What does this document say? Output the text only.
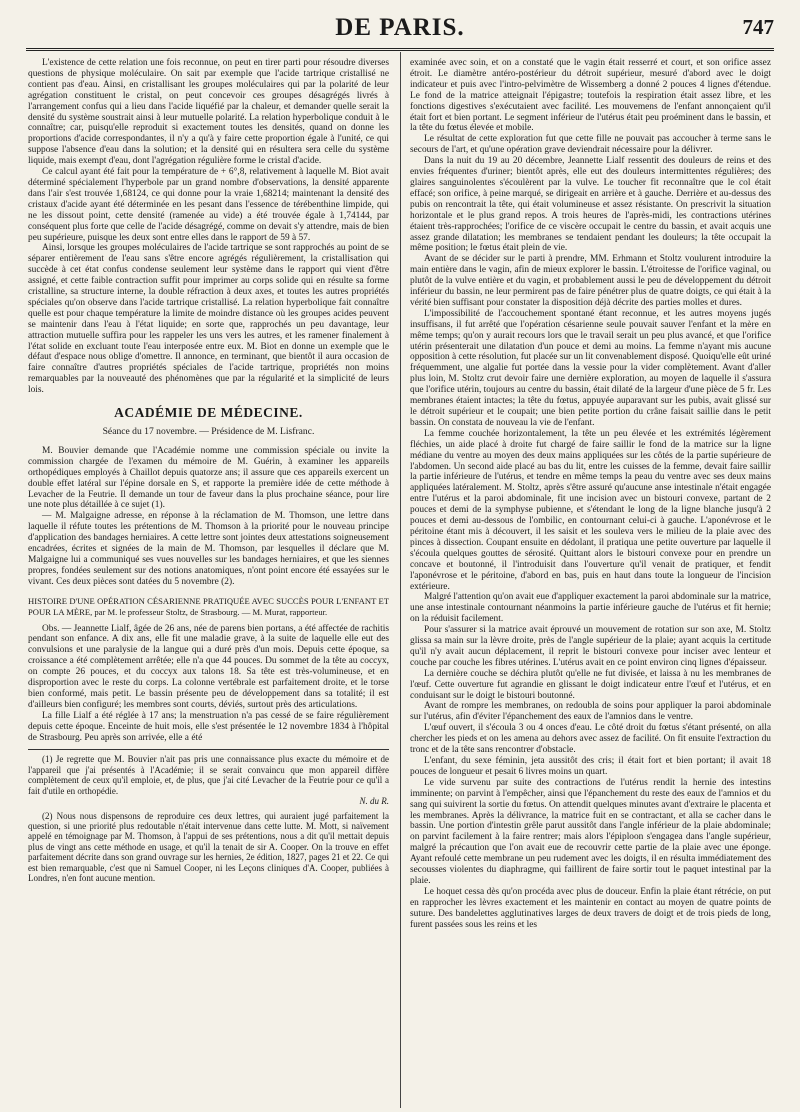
DE PARIS.	747

L'existence de cette relation une fois reconnue, on peut en tirer parti pour résoudre diverses questions de physique moléculaire. On sait par exemple que l'acide tartrique cristallisé ne contient pas d'eau. Ainsi, en cristallisant les groupes moléculaires qui par la polarité de leur agrégation constituent le cristal, on peut concevoir ces groupes désagrégés livrés à l'arrangement confus qui a lieu dans l'acide liquéfié par la chaleur, et demander quelle serait la densité du système soustrait ainsi à leur mutuelle polarité. La relation hyperbolique conduit à le connaître; car, puisqu'elle reproduit si exactement toutes les densités, quand on donne les proportions d'acide correspondantes, il n'y a qu'à y faire cette proportion égale à l'unité, ce qui suppose l'absence d'eau dans la solution; et la densité qui en résultera sera celle du système liquide, mais exempt d'eau, dont l'agrégation régulière forme le cristal d'acide.

Ce calcul ayant été fait pour la température de + 6°,8, relativement à laquelle M. Biot avait déterminé spécialement l'hyperbole par un grand nombre d'observations, la densité apparente dans l'air s'est trouvée 1,68124, ce qui donne pour la vraie 1,68214; maintenant la densité des cristaux d'acide ayant été déterminée en les pesant dans l'essence de térébenthine limpide, qui ne les dissout point, cette densité (ramenée au vide) a été trouvée égale à 1,74144, par conséquent plus forte que celle de l'acide désagrégé, comme on devait s'y attendre, mais de bien peu supérieure, puisque les deux sont entre elles dans le rapport de 59 à 57.

Ainsi, lorsque les groupes moléculaires de l'acide tartrique se sont rapprochés au point de se séparer entièrement de l'eau sans s'être encore agrégés régulièrement, la cristallisation qui succède à cet état confus condense seulement leur système dans le rapport qui vient d'être assigné, et cette faible contraction suffit pour imprimer au corps solide qui en résulte sa forme cristalline, sa structure interne, la double réfraction à deux axes, et toutes les autres propriétés spéciales qu'on observe dans l'acide tartrique cristallisé. La relation hyperbolique fait connaître quelle est pour chaque température la limite de moindre distance où les groupes acides peuvent se maintenir dans l'eau à l'état liquide; en sorte que, rapprochés un peu davantage, leur attraction mutuelle suffira pour les rappeler les uns vers les autres, et les ramener finalement à l'état solide en excluant toute l'eau interposée entre eux. M. Biot en donne un exemple que le défaut d'espace nous oblige d'omettre. Il annonce, en terminant, que bientôt il aura occasion de faire connaître d'autres propriétés spéciales de l'acide tartrique, propriétés non moins remarquables par la nouveauté des phénomènes que par la régularité et la simplicité de leurs lois.

ACADÉMIE DE MÉDECINE.
Séance du 17 novembre. — Présidence de M. Lisfranc.

M. Bouvier demande que l'Académie nomme une commission spéciale ou invite la commission chargée de l'examen du mémoire de M. Guérin, à examiner les appareils orthopédiques employés à Chaillot depuis quatorze ans; il assure que ces appareils exercent un double effet latéral sur l'épine dorsale en S, et rapporte la première idée de cette méthode à Levacher de la Feutrie. Il demande un tour de faveur dans la plus prochaine séance, pour lire une note plus détaillée à ce sujet (1).

— M. Malgaigne adresse, en réponse à la réclamation de M. Thomson, une lettre dans laquelle il réfute toutes les prétentions de M. Thomson à la priorité pour le nouveau principe d'application des bandages herniaires. A cette lettre sont jointes deux attestations soigneusement encadrées, écrites et signées de la main de M. Thomson, par lesquelles il déclare que M. Malgaigne lui a communiqué ses vues nouvelles sur les bandages herniaires, et que les siennes propres, fondées seulement sur des notions anatomiques, n'ont point encore été essayées sur le vivant. Ces deux pièces sont datées du 5 novembre (2).

HISTOIRE D'UNE OPÉRATION CÉSARIENNE PRATIQUÉE AVEC SUCCÈS POUR L'ENFANT ET POUR LA MÈRE, par M. le professeur Stoltz, de Strasbourg. — M. Murat, rapporteur.

Obs. — Jeannette Lialf, âgée de 26 ans, née de parens bien portans, a été affectée de rachitis pendant son enfance. A dix ans, elle fit une maladie grave, à la suite de laquelle elle eut des convulsions et une paralysie de la langue qui a duré près d'un mois. Depuis cette époque, sa croissance a été complètement arrêtée; elle n'a que 44 pouces. Du sommet de la tête au coccyx, on compte 26 pouces, et du coccyx aux talons 18. Sa tête est très-volumineuse, et en disproportion avec le reste du corps. La colonne vertébrale est parfaitement droite, et le torse bien conformé, mais petit. Le bassin présente peu de développement dans sa totalité; il est d'ailleurs bien configuré; les membres sont courts, déviés, surtout près des articulations.

La fille Lialf a été réglée à 17 ans; la menstruation n'a pas cessé de se faire régulièrement depuis cette époque. Enceinte de huit mois, elle s'est présentée le 12 novembre 1834 à l'hôpital de Strasbourg. Peu après son arrivée, elle a été

(1) Je regrette que M. Bouvier n'ait pas pris une connaissance plus exacte du mémoire et de l'appareil que j'ai présentés à l'Académie; il se serait convaincu que mon appareil diffère complètement de ceux qu'il emploie, et, de plus, que j'ai cité Levacher de la Feutrie pour ce qu'il a fait d'utile en orthopédie.

N. du R.

(2) Nous nous dispensons de reproduire ces deux lettres, qui auraient jugé parfaitement la question, si une priorité plus redoutable n'était intervenue dans cette lutte. M. Mott, si naïvement appelé en témoignage par M. Thomson, à l'appui de ses prétentions, nous a dit qu'il mettait depuis plus de vingt ans cette méthode en usage, et qu'il la tenait de sir A. Cooper. On la trouve en effet parfaitement décrite dans son grand ouvrage sur les hernies, 2e édition, 1827, pages 21 et 22. Ce qui est bien remarquable, c'est que ni Samuel Cooper, ni les Leçons cliniques d'A. Cooper, publiées à Londres, n'en font aucune mention.

examinée avec soin, et on a constaté que le vagin était resserré et court, et son orifice assez étroit. Le diamètre antéro-postérieur du détroit supérieur, mesuré d'abord avec le doigt indicateur et puis avec l'intro-pelvimètre de Wissemberg a donné 2 pouces 4 lignes d'étendue. Le fond de la matrice atteignait l'épigastre; toutefois la respiration était assez libre, et les fonctions digestives s'exécutaient avec facilité. Les mouvemens de l'enfant annonçaient qu'il était fort et bien portant. Le segment inférieur de l'utérus était peu proéminent dans le bassin, et la tête du fœtus élevée et mobile.

Le résultat de cette exploration fut que cette fille ne pouvait pas accoucher à terme sans le secours de l'art, et qu'une opération grave deviendrait nécessaire pour la délivrer.

Dans la nuit du 19 au 20 décembre, Jeannette Lialf ressentit des douleurs de reins et des envies fréquentes d'uriner; bientôt après, elle eut des douleurs intermittentes régulières; des glaires sanguinolentes s'écoulèrent par la vulve. Le toucher fit reconnaître que le col était effacé; son orifice, à peine marqué, se dirigeait en arrière et à gauche. Derrière et au-dessus des pubis on rencontrait la tête, qui était volumineuse et assez résistante. On prescrivit la situation horizontale et le plus grand repos. A trois heures de l'après-midi, les contractions utérines étaient très-rapprochées; l'orifice de ce viscère occupait le centre du bassin, et avait acquis une assez grande dilatation; les membranes se tendaient pendant les douleurs; la tête occupait la même position; le fœtus était plein de vie.

Avant de se décider sur le parti à prendre, MM. Erhmann et Stoltz voulurent introduire la main entière dans le vagin, afin de mieux explorer le bassin. L'étroitesse de l'orifice vaginal, ou plutôt de la vulve entière et du vagin, et probablement aussi le peu de développement du détroit inférieur du bassin, ne leur permirent pas de faire pénétrer plus de quatre doigts, ce qui était à la vérité bien suffisant pour constater la disposition déjà décrite des parties molles et dures.

L'impossibilité de l'accouchement spontané étant reconnue, et les autres moyens jugés insuffisans, il fut arrêté que l'opération césarienne seule pouvait sauver l'enfant et la mère en même temps; qu'on y aurait recours lors que le travail serait un peu plus avancé, et que l'orifice utérin présenterait une dilatation d'un pouce et demi au moins. La femme n'ayant mis aucune opposition à cette résolution, fut placée sur un lit convenablement disposé. Quoiqu'elle eût uriné fréquemment, une algalie fut portée dans la vessie pour la vider complètement. Avant d'aller plus loin, M. Stoltz crut devoir faire une dernière exploration, au moyen de laquelle il s'assura que l'orifice utérin, toujours au centre du bassin, était dilaté de la largeur d'une pièce de 5 fr. Les membranes étaient intactes; la tête du fœtus, appuyée auparavant sur les pubis, avait glissé sur le détroit supérieur et le coupait; une bien petite portion du crâne faisait saillie dans le petit bassin. On constata de nouveau la vie de l'enfant.

La femme couchée horizontalement, la tête un peu élevée et les extrémités légèrement fléchies, un aide placé à droite fut chargé de faire saillir le fond de la matrice sur la ligne médiane du ventre au moyen des deux mains appliquées sur les côtés de la partie supérieure de l'abdomen. Un second aide placé au bas du lit, entre les cuisses de la femme, devait faire saillir la partie inférieure de l'utérus, et tendre en même temps la peau du ventre avec ses deux mains appliquées latéralement. M. Stoltz, après s'être assuré qu'aucune anse intestinale n'était engagée entre l'utérus et la paroi abdominale, fit une incision avec un bistouri convexe, partant de 2 pouces et demi de la symphyse pubienne, et s'étendant le long de la ligne blanche jusqu'à 2 pouces et demi au-dessous de l'ombilic, en contournant celui-ci à gauche. L'aponévrose et le péritoine étant mis à découvert, il les saisit et les souleva vers le milieu de la plaie avec des pinces à dissection. Coupant ensuite en dédolant, il pratiqua une petite ouverture par laquelle il s'écoula quelques gouttes de sérosité. Quittant alors le bistouri convexe pour en prendre un concave et boutonné, il l'introduisit dans l'ouverture qu'il venait de pratiquer, et fendit l'aponévrose et le péritoine, d'abord en bas, puis en haut dans toute la longueur de l'incision extérieure.

Malgré l'attention qu'on avait eue d'appliquer exactement la paroi abdominale sur la matrice, une anse intestinale contournant néanmoins la partie inférieure gauche de l'utérus et fit hernie; on la réduisit facilement.

Pour s'assurer si la matrice avait éprouvé un mouvement de rotation sur son axe, M. Stoltz glissa sa main sur la lèvre droite, près de l'angle supérieur de la plaie; ayant acquis la certitude qu'il n'y avait aucun déplacement, il reprit le bistouri convexe pour inciser avec lenteur et couche par couche les fibres utérines. L'utérus avait en ce point environ cinq lignes d'épaisseur.

La dernière couche se déchira plutôt qu'elle ne fut divisée, et laissa à nu les membranes de l'œuf. Cette ouverture fut agrandie en glissant le doigt indicateur entre l'œuf et l'utérus, et en conduisant sur le doigt le bistouri boutonné.

Avant de rompre les membranes, on redoubla de soins pour appliquer la paroi abdominale sur l'utérus, afin d'éviter l'épanchement des eaux de l'amnios dans le ventre.

L'œuf ouvert, il s'écoula 3 ou 4 onces d'eau. Le côté droit du fœtus s'étant présenté, on alla chercher les pieds et on les amena au dehors avec assez de facilité. On fit ensuite l'extraction du tronc et de la tête sans rencontrer d'obstacle.

L'enfant, du sexe féminin, jeta aussitôt des cris; il était fort et bien portant; il avait 18 pouces de longueur et pesait 6 livres moins un quart.

Le vide survenu par suite des contractions de l'utérus rendit la hernie des intestins imminente; on parvint à l'empêcher, ainsi que l'épanchement du reste des eaux de l'amnios et du sang qui suivirent la sortie du fœtus. On attendit quelques minutes avant d'extraire le placenta et les membranes. Après la délivrance, la matrice fuit en se contractant, et alla se cacher dans le bassin. Une portion d'intestin grêle parut aussitôt dans l'angle inférieur de la plaie abdominale; on parvint facilement à la faire rentrer; mais alors l'épiploon s'engagea dans l'angle supérieur, malgré la précaution que l'on avait eue de recouvrir cette partie de la plaie avec une éponge. Ayant refoulé cette membrane un peu rudement avec les doigts, il en résulta immédiatement des secousses violentes du diaphragme, qui faillirent de faire sortir tout le paquet intestinal par la plaie.

Le hoquet cessa dès qu'on procéda avec plus de douceur. Enfin la plaie étant rétrécie, on put en rapprocher les lèvres exactement et les maintenir en contact au moyen de quatre points de suture. Des bandelettes agglutinatives larges de deux travers de doigt et de trois pieds de long, furent passées sous les reins et les
